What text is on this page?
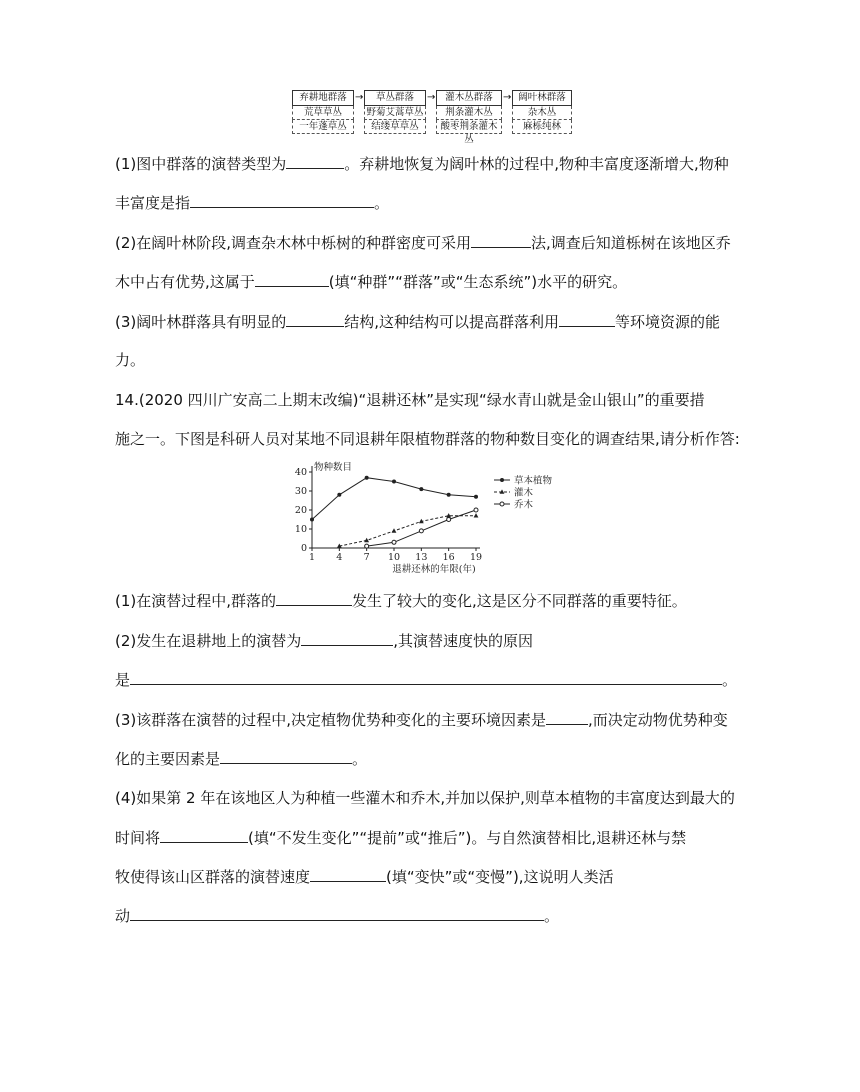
弃耕地群落
荒草草丛
一年蓬草丛
→	草丛群落
野菊艾蒿草丛
结缕草草丛
→	灌木丛群落
荆条灌木丛
酸枣荆条灌木丛
→ 阔叶林群落
杂木丛
麻栎纯林
(1)图中群落的演替类型为	。弃耕地恢复为阔叶林的过程中,物种丰富度逐渐增大,物种
丰富度是指	。
(2)在阔叶林阶段,调查杂木林中栎树的种群密度可采用	法,调查后知道栎树在该地区乔
木中占有优势,这属于	(填“种群”“群落”或“生态系统”)水平的研究。
(3)阔叶林群落具有明显的	结构,这种结构可以提高群落利用	等环境资源的能
力。
14.(2020 四川广安高二上期末改编)“退耕还林”是实现“绿水青山就是金山银山”的重要措
施之一。下图是科研人员对某地不同退耕年限植物群落的物种数目变化的调查结果,请分析作答:
0
10
20
30
40
1 4 7 10 13 16 19
物种数目
退耕还林的年限(年)
草本植物
灌木
乔木
(1)在演替过程中,群落的	发生了较大的变化,这是区分不同群落的重要特征。
(2)发生在退耕地上的演替为	,其演替速度快的原因
是	。
(3)该群落在演替的过程中,决定植物优势种变化的主要环境因素是	,而决定动物优势种变
化的主要因素是	。
(4)如果第 2 年在该地区人为种植一些灌木和乔木,并加以保护,则草本植物的丰富度达到最大的
时间将	(填“不发生变化”“提前”或“推后”)。与自然演替相比,退耕还林与禁
牧使得该山区群落的演替速度	(填“变快”或“变慢”),这说明人类活
动	。
